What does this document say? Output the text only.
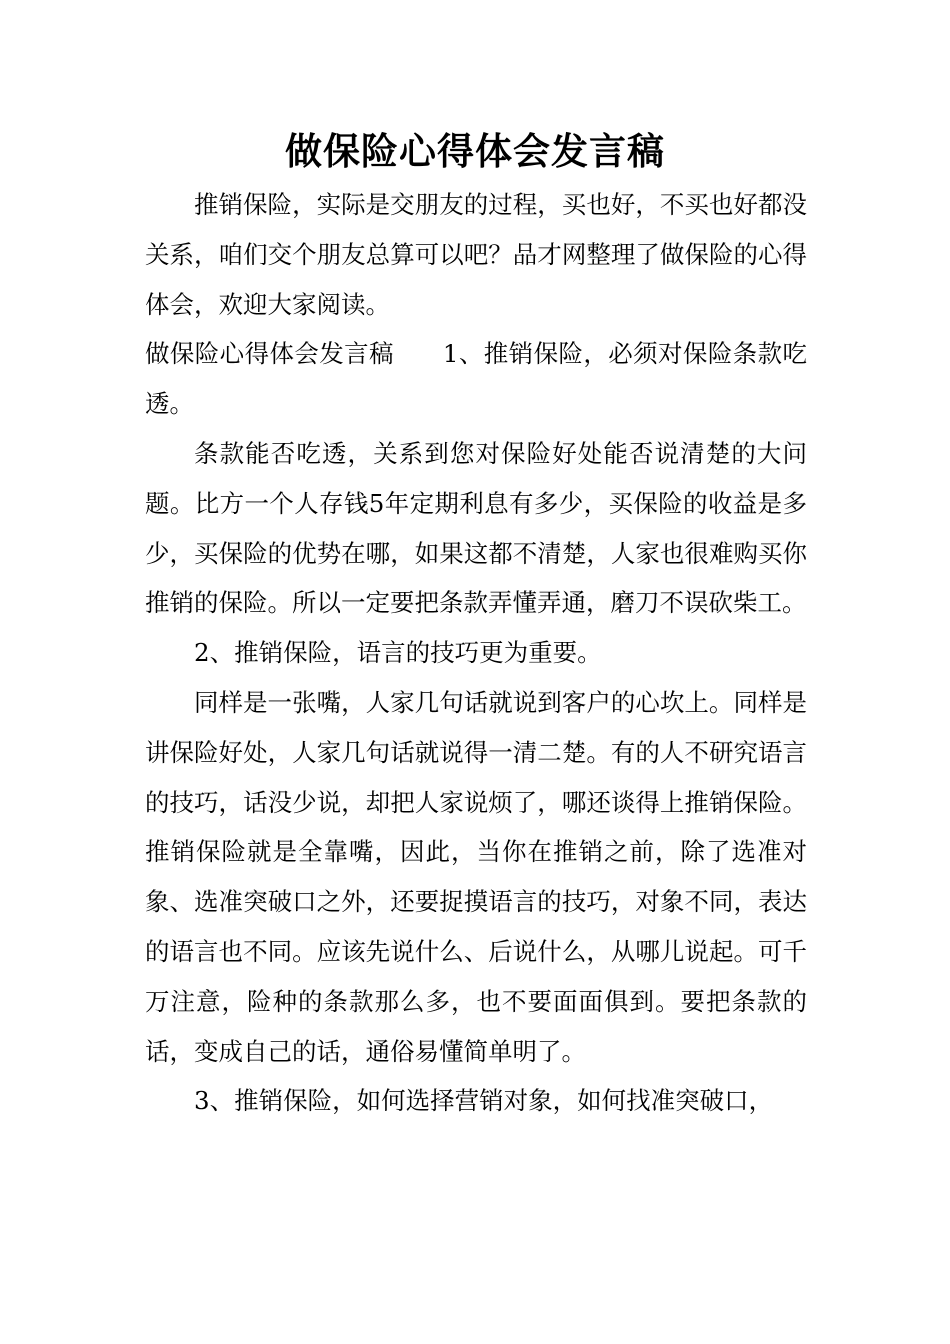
做保险心得体会发言稿

推销保险，实际是交朋友的过程，买也好，不买也好都没关系，咱们交个朋友总算可以吧？品才网整理了做保险的心得体会，欢迎大家阅读。

做保险心得体会发言稿 1、推销保险，必须对保险条款吃透。

条款能否吃透，关系到您对保险好处能否说清楚的大问题。比方一个人存钱5年定期利息有多少，买保险的收益是多少，买保险的优势在哪，如果这都不清楚，人家也很难购买你推销的保险。所以一定要把条款弄懂弄通，磨刀不误砍柴工。

2、推销保险，语言的技巧更为重要。

同样是一张嘴，人家几句话就说到客户的心坎上。同样是讲保险好处，人家几句话就说得一清二楚。有的人不研究语言的技巧，话没少说，却把人家说烦了，哪还谈得上推销保险。推销保险就是全靠嘴，因此，当你在推销之前，除了选准对象、选准突破口之外，还要捉摸语言的技巧，对象不同，表达的语言也不同。应该先说什么、后说什么，从哪儿说起。可千万注意，险种的条款那么多，也不要面面俱到。要把条款的话，变成自己的话，通俗易懂简单明了。

3、推销保险，如何选择营销对象，如何找准突破口，
